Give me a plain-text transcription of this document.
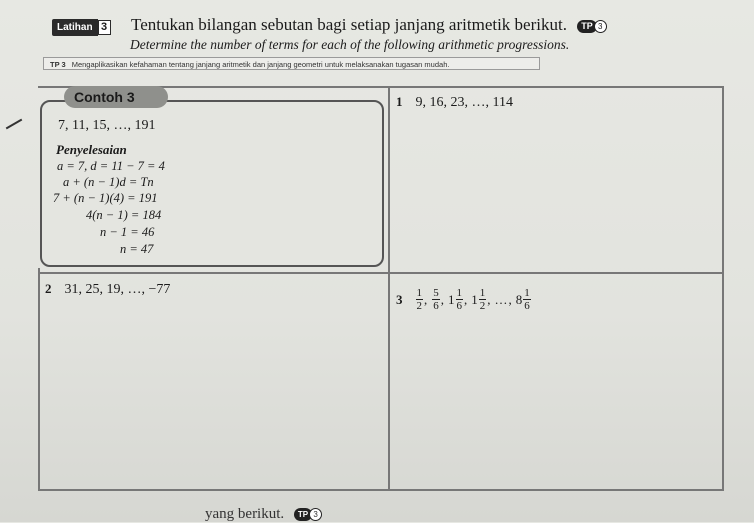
Latihan 3 Tentukan bilangan sebutan bagi setiap janjang aritmetik berikut. TP 3
Determine the number of terms for each of the following arithmetic progressions.
TP 3 Mengaplikasikan kefahaman tentang janjang aritmetik dan janjang geometri untuk melaksanakan tugasan mudah.
Contoh 3
7, 11, 15, …, 191
Penyelesaian
a = 7, d = 11 − 7 = 4
a + (n − 1)d = Tn
7 + (n − 1)(4) = 191
4(n − 1) = 184
n − 1 = 46
n = 47
1 9, 16, 23, …, 114
2 31, 25, 19, …, −77
$3 \frac{1}{2}$ , $\frac{5}{6}$ , $1 \frac{1}{6}$ , $1 \frac{1}{2}$ , … , $8 \frac{1}{6}$
yang berikut. TP 3
